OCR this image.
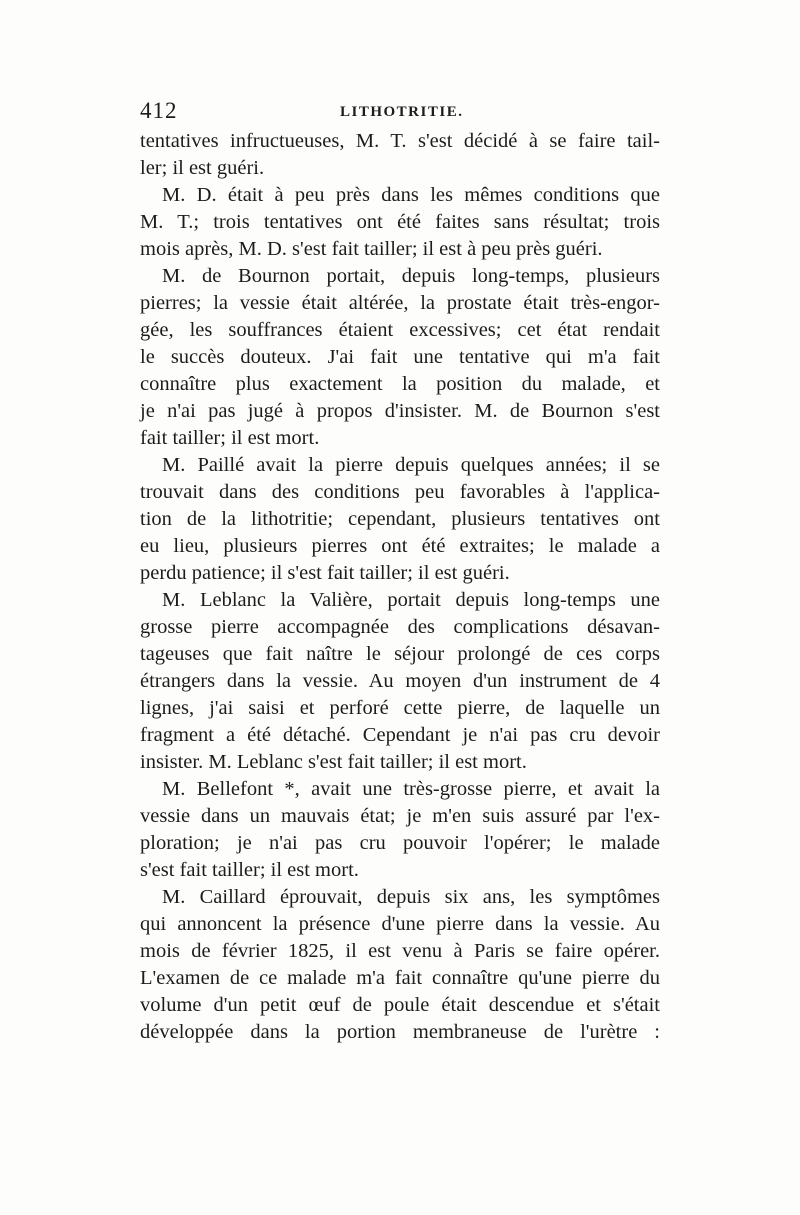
412	LITHOTRITIE.
tentatives infructueuses, M. T. s'est décidé à se faire tail-
ler; il est guéri.
M. D. était à peu près dans les mêmes conditions que
M. T.; trois tentatives ont été faites sans résultat; trois
mois après, M. D. s'est fait tailler; il est à peu près guéri.
M. de Bournon portait, depuis long-temps, plusieurs
pierres; la vessie était altérée, la prostate était très-engor-
gée, les souffrances étaient excessives; cet état rendait
le succès douteux. J'ai fait une tentative qui m'a fait
connaître plus exactement la position du malade, et
je n'ai pas jugé à propos d'insister. M. de Bournon s'est
fait tailler; il est mort.
M. Paillé avait la pierre depuis quelques années; il se
trouvait dans des conditions peu favorables à l'applica-
tion de la lithotritie; cependant, plusieurs tentatives ont
eu lieu, plusieurs pierres ont été extraites; le malade a
perdu patience; il s'est fait tailler; il est guéri.
M. Leblanc la Valière, portait depuis long-temps une
grosse pierre accompagnée des complications désavan-
tageuses que fait naître le séjour prolongé de ces corps
étrangers dans la vessie. Au moyen d'un instrument de 4
lignes, j'ai saisi et perforé cette pierre, de laquelle un
fragment a été détaché. Cependant je n'ai pas cru devoir
insister. M. Leblanc s'est fait tailler; il est mort.
M. Bellefont *, avait une très-grosse pierre, et avait la
vessie dans un mauvais état; je m'en suis assuré par l'ex-
ploration; je n'ai pas cru pouvoir l'opérer; le malade
s'est fait tailler; il est mort.
M. Caillard éprouvait, depuis six ans, les symptômes
qui annoncent la présence d'une pierre dans la vessie. Au
mois de février 1825, il est venu à Paris se faire opérer.
L'examen de ce malade m'a fait connaître qu'une pierre du
volume d'un petit œuf de poule était descendue et s'était
développée dans la portion membraneuse de l'urètre :
